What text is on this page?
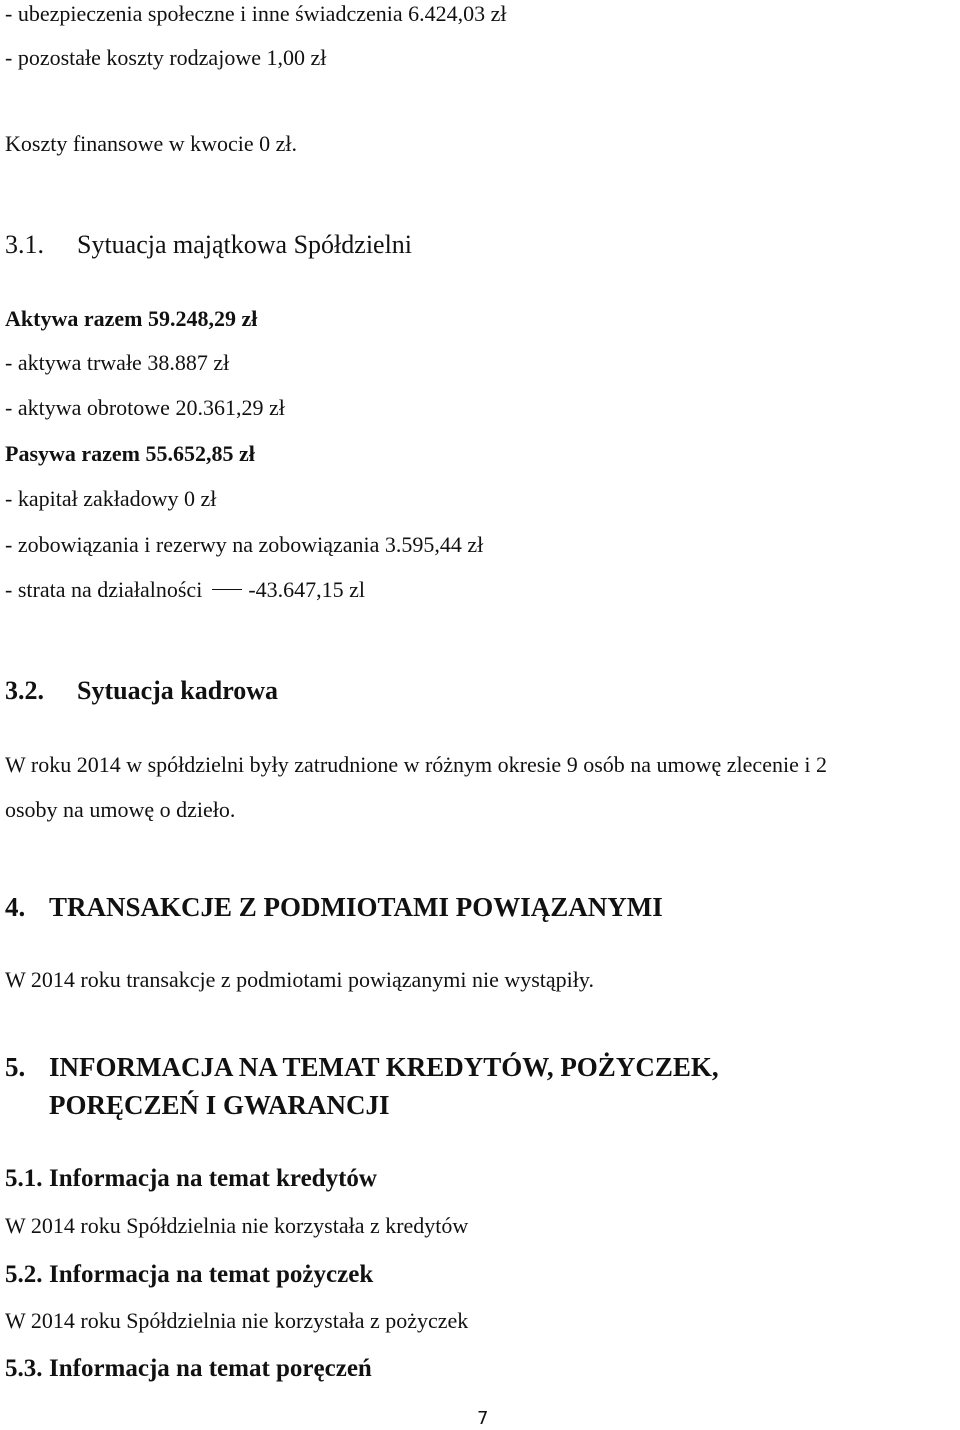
- ubezpieczenia społeczne i inne świadczenia 6.424,03 zł
- pozostałe koszty rodzajowe 1,00 zł
Koszty finansowe w kwocie 0 zł.
3.1. Sytuacja majątkowa Spółdzielni
Aktywa razem 59.248,29 zł
- aktywa trwałe 38.887 zł
- aktywa obrotowe 20.361,29 zł
Pasywa razem 55.652,85 zł
- kapitał zakładowy 0 zł
- zobowiązania i rezerwy na zobowiązania 3.595,44 zł
- strata na działalności -43.647,15 zl
3.2. Sytuacja kadrowa
W roku 2014 w spółdzielni były zatrudnione w różnym okresie 9 osób na umowę zlecenie i 2
osoby na umowę o dzieło.
4. TRANSAKCJE Z PODMIOTAMI POWIĄZANYMI
W 2014 roku transakcje z podmiotami powiązanymi nie wystąpiły.
5. INFORMACJA NA TEMAT KREDYTÓW, POŻYCZEK,
PORĘCZEŃ I GWARANCJI
5.1. Informacja na temat kredytów
W 2014 roku Spółdzielnia nie korzystała z kredytów
5.2. Informacja na temat pożyczek
W 2014 roku Spółdzielnia nie korzystała z pożyczek
5.3. Informacja na temat poręczeń
7
